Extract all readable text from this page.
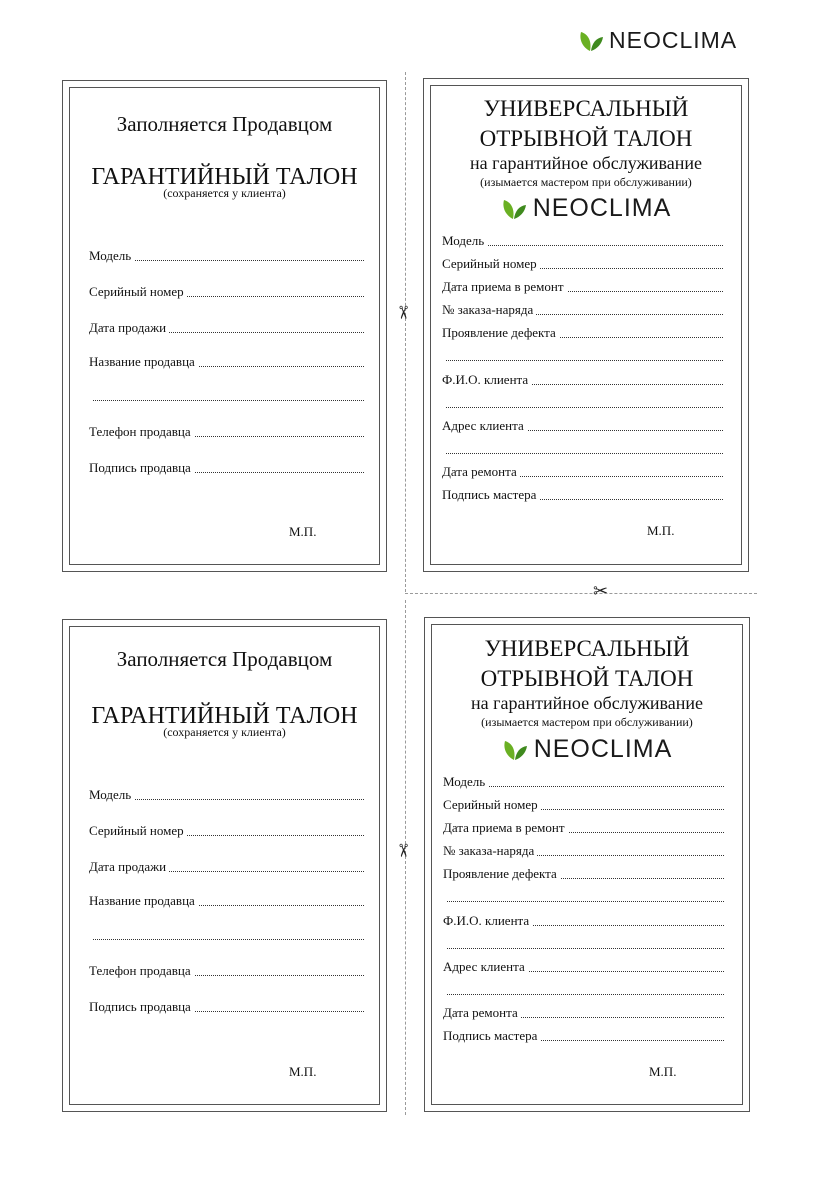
NEOCLIMA
✂
✂
✂
Заполняется Продавцом
ГАРАНТИЙНЫЙ ТАЛОН
(сохраняется у клиента)
Модель
Серийный номер
Дата продажи
Название продавца
Телефон продавца
Подпись продавца
М.П.
УНИВЕРСАЛЬНЫЙ
ОТРЫВНОЙ ТАЛОН
на гарантийное обслуживание
(изымается мастером при обслуживании)
NEOCLIMA
Модель
Серийный номер
Дата приема в ремонт
№ заказа-наряда
Проявление дефекта
Ф.И.О. клиента
Адрес клиента
Дата ремонта
Подпись мастера
М.П.
Заполняется Продавцом
ГАРАНТИЙНЫЙ ТАЛОН
(сохраняется у клиента)
Модель
Серийный номер
Дата продажи
Название продавца
Телефон продавца
Подпись продавца
М.П.
УНИВЕРСАЛЬНЫЙ
ОТРЫВНОЙ ТАЛОН
на гарантийное обслуживание
(изымается мастером при обслуживании)
NEOCLIMA
Модель
Серийный номер
Дата приема в ремонт
№ заказа-наряда
Проявление дефекта
Ф.И.О. клиента
Адрес клиента
Дата ремонта
Подпись мастера
М.П.
